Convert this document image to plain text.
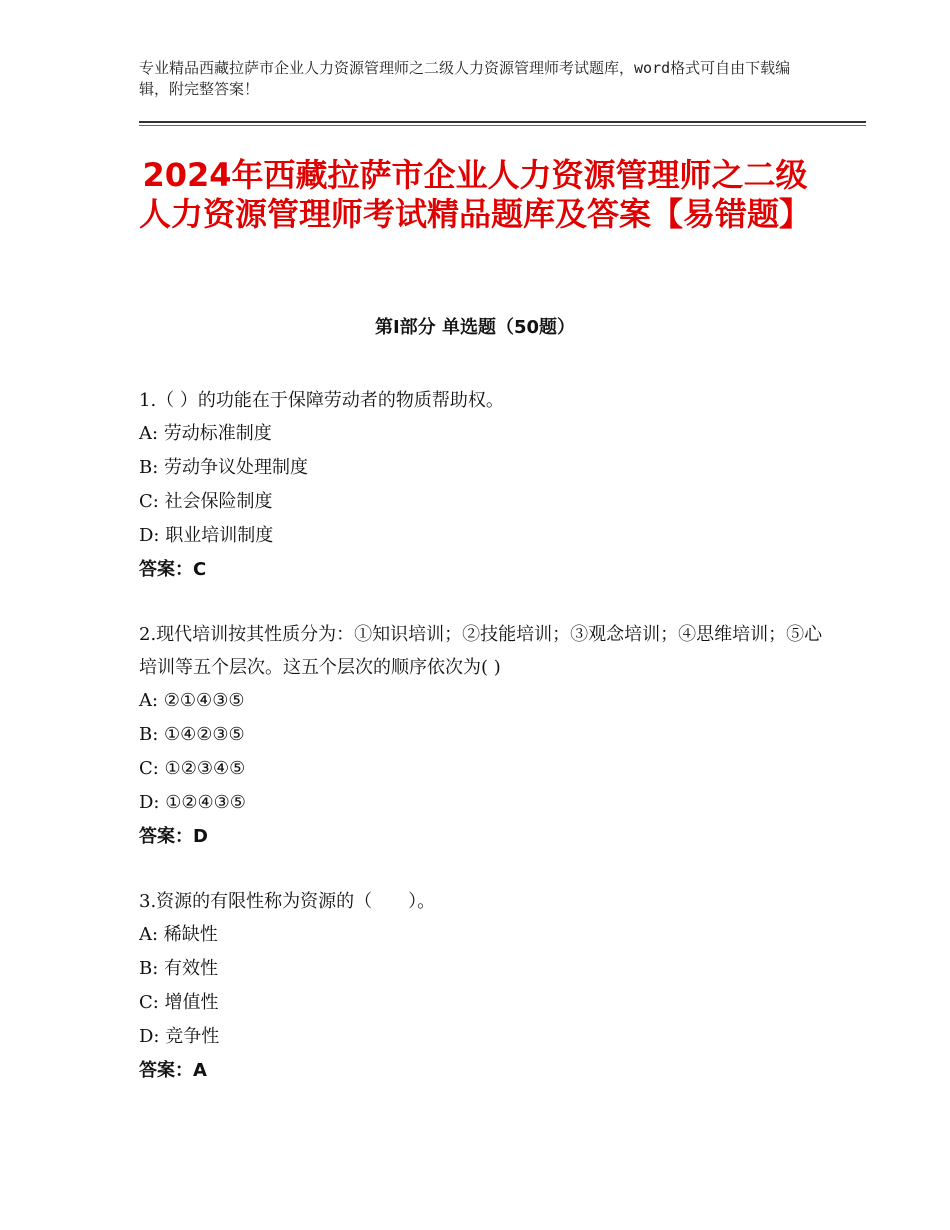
专业精品西藏拉萨市企业人力资源管理师之二级人力资源管理师考试题库，word格式可自由下载编辑，附完整答案！
2024年西藏拉萨市企业人力资源管理师之二级人力资源管理师考试精品题库及答案【易错题】
第I部分 单选题（50题）
1.（ ）的功能在于保障劳动者的物质帮助权。
A: 劳动标准制度
B: 劳动争议处理制度
C: 社会保险制度
D: 职业培训制度
答案：C
2.现代培训按其性质分为：①知识培训；②技能培训；③观念培训；④思维培训；⑤心培训等五个层次。这五个层次的顺序依次为( )
A: ②①④③⑤
B: ①④②③⑤
C: ①②③④⑤
D: ①②④③⑤
答案：D
3.资源的有限性称为资源的（　　）。
A: 稀缺性
B: 有效性
C: 增值性
D: 竞争性
答案：A
